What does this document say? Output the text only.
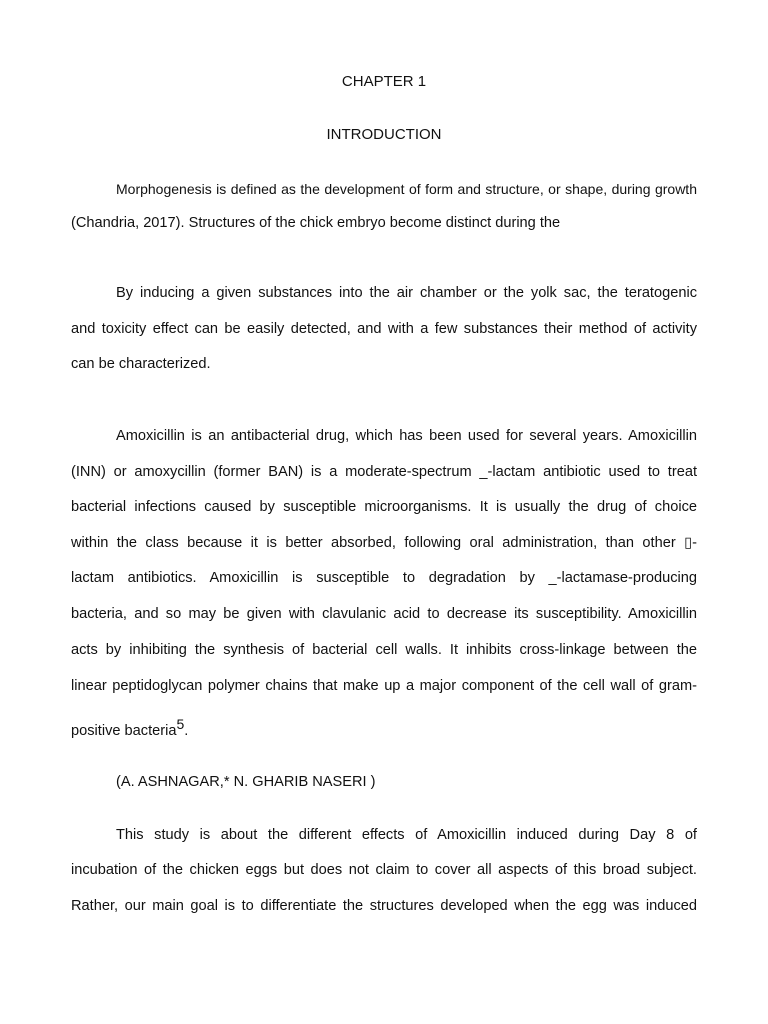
CHAPTER 1
INTRODUCTION
Morphogenesis is defined as the development of form and structure, or shape, during growth
(Chandria, 2017). Structures of the chick embryo become distinct during the
By inducing a given substances into the air chamber or the yolk sac, the teratogenic
and toxicity effect can be easily detected, and with a few substances their method of activity
can be characterized.
Amoxicillin is an antibacterial drug, which has been used for several years. Amoxicillin
(INN) or amoxycillin (former BAN) is a moderate-spectrum _-lactam antibiotic used to treat
bacterial infections caused by susceptible microorganisms. It is usually the drug of choice
within the class because it is better absorbed, following oral administration, than other ▯-
lactam antibiotics. Amoxicillin is susceptible to degradation by _-lactamase-producing
bacteria, and so may be given with clavulanic acid to decrease its susceptibility. Amoxicillin
acts by inhibiting the synthesis of bacterial cell walls. It inhibits cross-linkage between the
linear peptidoglycan polymer chains that make up a major component of the cell wall of gram-
positive bacteria$^5$.
(A. ASHNAGAR,* N. GHARIB NASERI )
This study is about the different effects of Amoxicillin induced during Day 8 of
incubation of the chicken eggs but does not claim to cover all aspects of this broad subject.
Rather, our main goal is to differentiate the structures developed when the egg was induced
